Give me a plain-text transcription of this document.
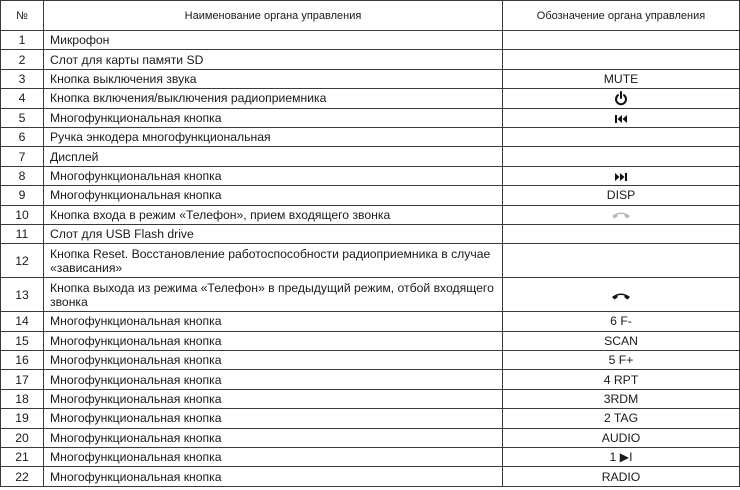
№	Наименование органа управления	Обозначение органа управления
1	Микрофон	
2	Слот для карты памяти SD	
3	Кнопка выключения звука	MUTE
4	Кнопка включения/выключения радиоприемника	

5	Многофункциональная кнопка	

6	Ручка энкодера многофункциональная	
7	Дисплей	
8	Многофункциональная кнопка	

9	Многофункциональная кнопка	DISP
10	Кнопка входа в режим «Телефон», прием входящего звонка	

11	Слот для USB Flash drive	
12	Кнопка Reset. Восстановление работоспособности радиоприемника в случае «зависания»	
13	Кнопка выхода из режима «Телефон» в предыдущий режим, отбой входящего звонка	

14	Многофункциональная кнопка	6 F-
15	Многофункциональная кнопка	SCAN
16	Многофункциональная кнопка	5 F+
17	Многофункциональная кнопка	4 RPT
18	Многофункциональная кнопка	3RDM
19	Многофункциональная кнопка	2 TAG
20	Многофункциональная кнопка	AUDIO
21	Многофункциональная кнопка	1 ▶I
22	Многофункциональная кнопка	RADIO
